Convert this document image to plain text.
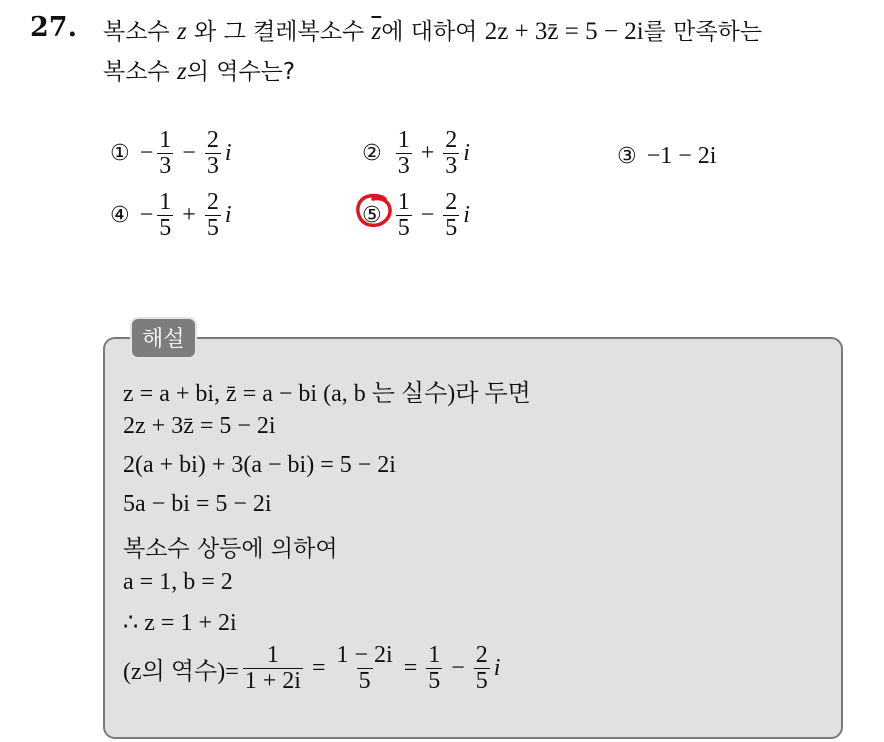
27. 복소수 z 와 그 켤레복소수 $\overline{z}$에 대하여 2z + 3z̄ = 5 − 2i를 만족하는
복소수 z의 역수는?
① − $\frac{1}{3} - \frac{2}{3}$ i	② $\frac{1}{3} + \frac{2}{3}$ i	③ −1 − 2i
④ − $\frac{1}{5} + \frac{2}{5}$ i	⑤ $\frac{1}{5} - \frac{2}{5}$ i
해설
z = a + bi, z̄ = a − bi (a, b 는 실수)라 두면
2z + 3z̄ = 5 − 2i
2(a + bi) + 3(a − bi) = 5 − 2i
5a − bi = 5 − 2i
복소수 상등에 의하여
a = 1, b = 2
∴ z = 1 + 2i
(z의 역수)= $\frac{1}{1 + 2i} = \frac{1 - 2i}{5} = \frac{1}{5} - \frac{2}{5}$ i
